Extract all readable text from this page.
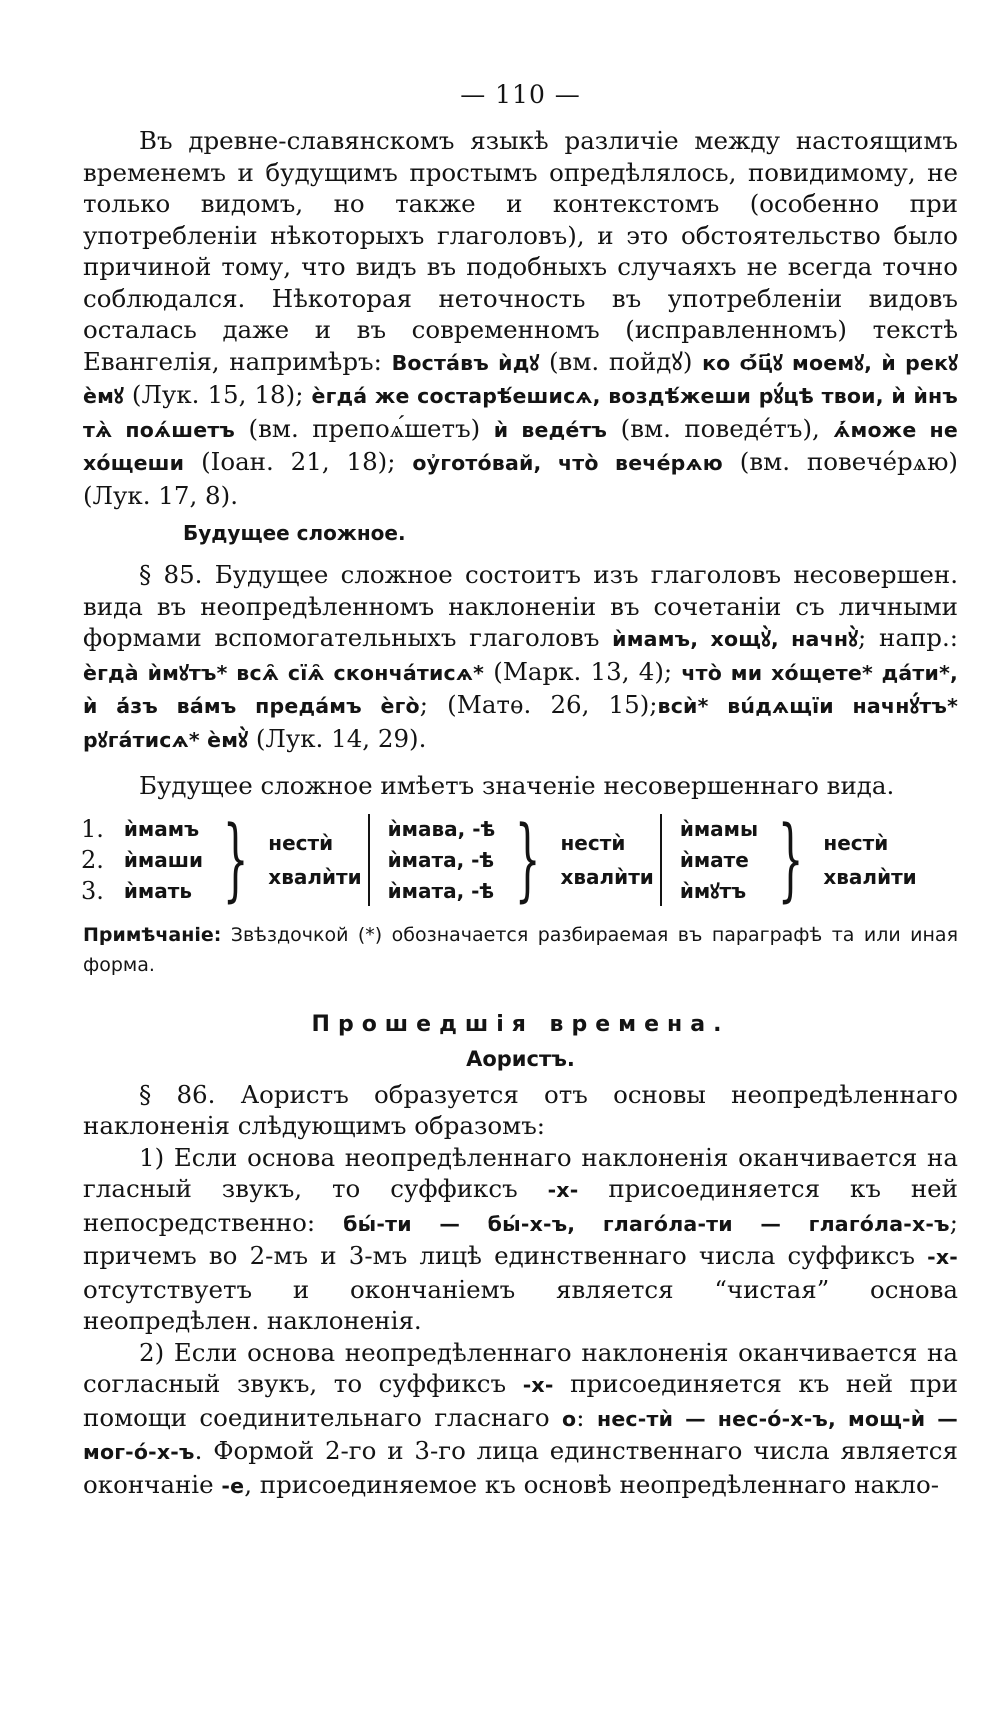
— 110 —

Въ древне-славянскомъ языкѣ различіе между настоящимъ временемъ и будущимъ простымъ опредѣлялось, повидимому, не только видомъ, но также и контекстомъ (особенно при употребленіи нѣкоторыхъ глаголовъ), и это обстоятельство было причиной тому, что видъ въ подобныхъ случаяхъ не всегда точно соблюдался. Нѣкоторая неточность въ употребленіи видовъ осталась даже и въ современномъ (исправленномъ) текстѣ Евангелія, напримѣръ: Востáвъ ѝдꙋ (вм. пойдꙋ) ко ѻ҆́ц҃ꙋ моемꙋ, ѝ рекꙋ ѐмꙋ (Лук. 15, 18); ѐгдá же состарѣ́ешисѧ, воздѣ́жеши рꙋ́цѣ твои, ѝ ѝнъ тѧ̀ поѧ́шетъ (вм. препоѧ́шетъ) ѝ ведéтъ (вм. поведéтъ), ѧ҆́може не хóщеши (Іоан. 21, 18); оу҆готóвай, чтò вечéрѧю (вм. повечéрѧю) (Лук. 17, 8).

Будущее сложное.

§ 85. Будущее сложное состоитъ изъ глаголовъ несовершен. вида въ неопредѣленномъ наклоненіи въ сочетаніи съ личными формами вспомогательныхъ глаголовъ ѝмамъ, хощꙋ̀, начнꙋ̀; напр.: ѐгдà ѝмꙋтъ* всѧ̑ сїѧ̑ скончáтисѧ* (Марк. 13, 4); чтò ми хóщете* дáти*, ѝ а҆́зъ вáмъ предáмъ ѐгò; (Матѳ. 26, 15);всѝ* вúдѧщїи начнꙋ́тъ* рꙋгáтисѧ* ѐмꙋ̀ (Лук. 14, 29).

Будущее сложное имѣетъ значеніе несовершеннаго вида.

1.
2.
3.
ѝмамъ
ѝмаши
ѝмать } нестѝ
хвалѝти
ѝмава, -ѣ
ѝмата, -ѣ
ѝмата, -ѣ } нестѝ
хвалѝти
ѝмамы
ѝмате
ѝмꙋтъ } нестѝ
хвалѝти

Примѣчаніе: Звѣздочкой (*) обозначается разбираемая въ параграфѣ та или иная форма.

Прошедшія времена.
Аористъ.

§ 86. Аористъ образуется отъ основы неопредѣленнаго наклоненія слѣдующимъ образомъ:

1) Если основа неопредѣленнаго наклоненія оканчивается на гласный звукъ, то суффиксъ -х- присоединяется къ ней непосредственно: бы́-ти — бы́-х-ъ, глагóла-ти — глагóла-х-ъ; причемъ во 2-мъ и 3-мъ лицѣ единственнаго числа суффиксъ -х- отсутствуетъ и окончаніемъ является “чистая” основа неопредѣлен. наклоненія.

2) Если основа неопредѣленнаго наклоненія оканчивается на согласный звукъ, то суффиксъ -х- присоединяется къ ней при помощи соединительнаго гласнаго о: нес-тѝ — нес-ó-х-ъ, мощ-ѝ — мог-ó-х-ъ. Формой 2-го и 3-го лица единственнаго числа является окончаніе -е, присоединяемое къ основѣ неопредѣленнаго накло-
